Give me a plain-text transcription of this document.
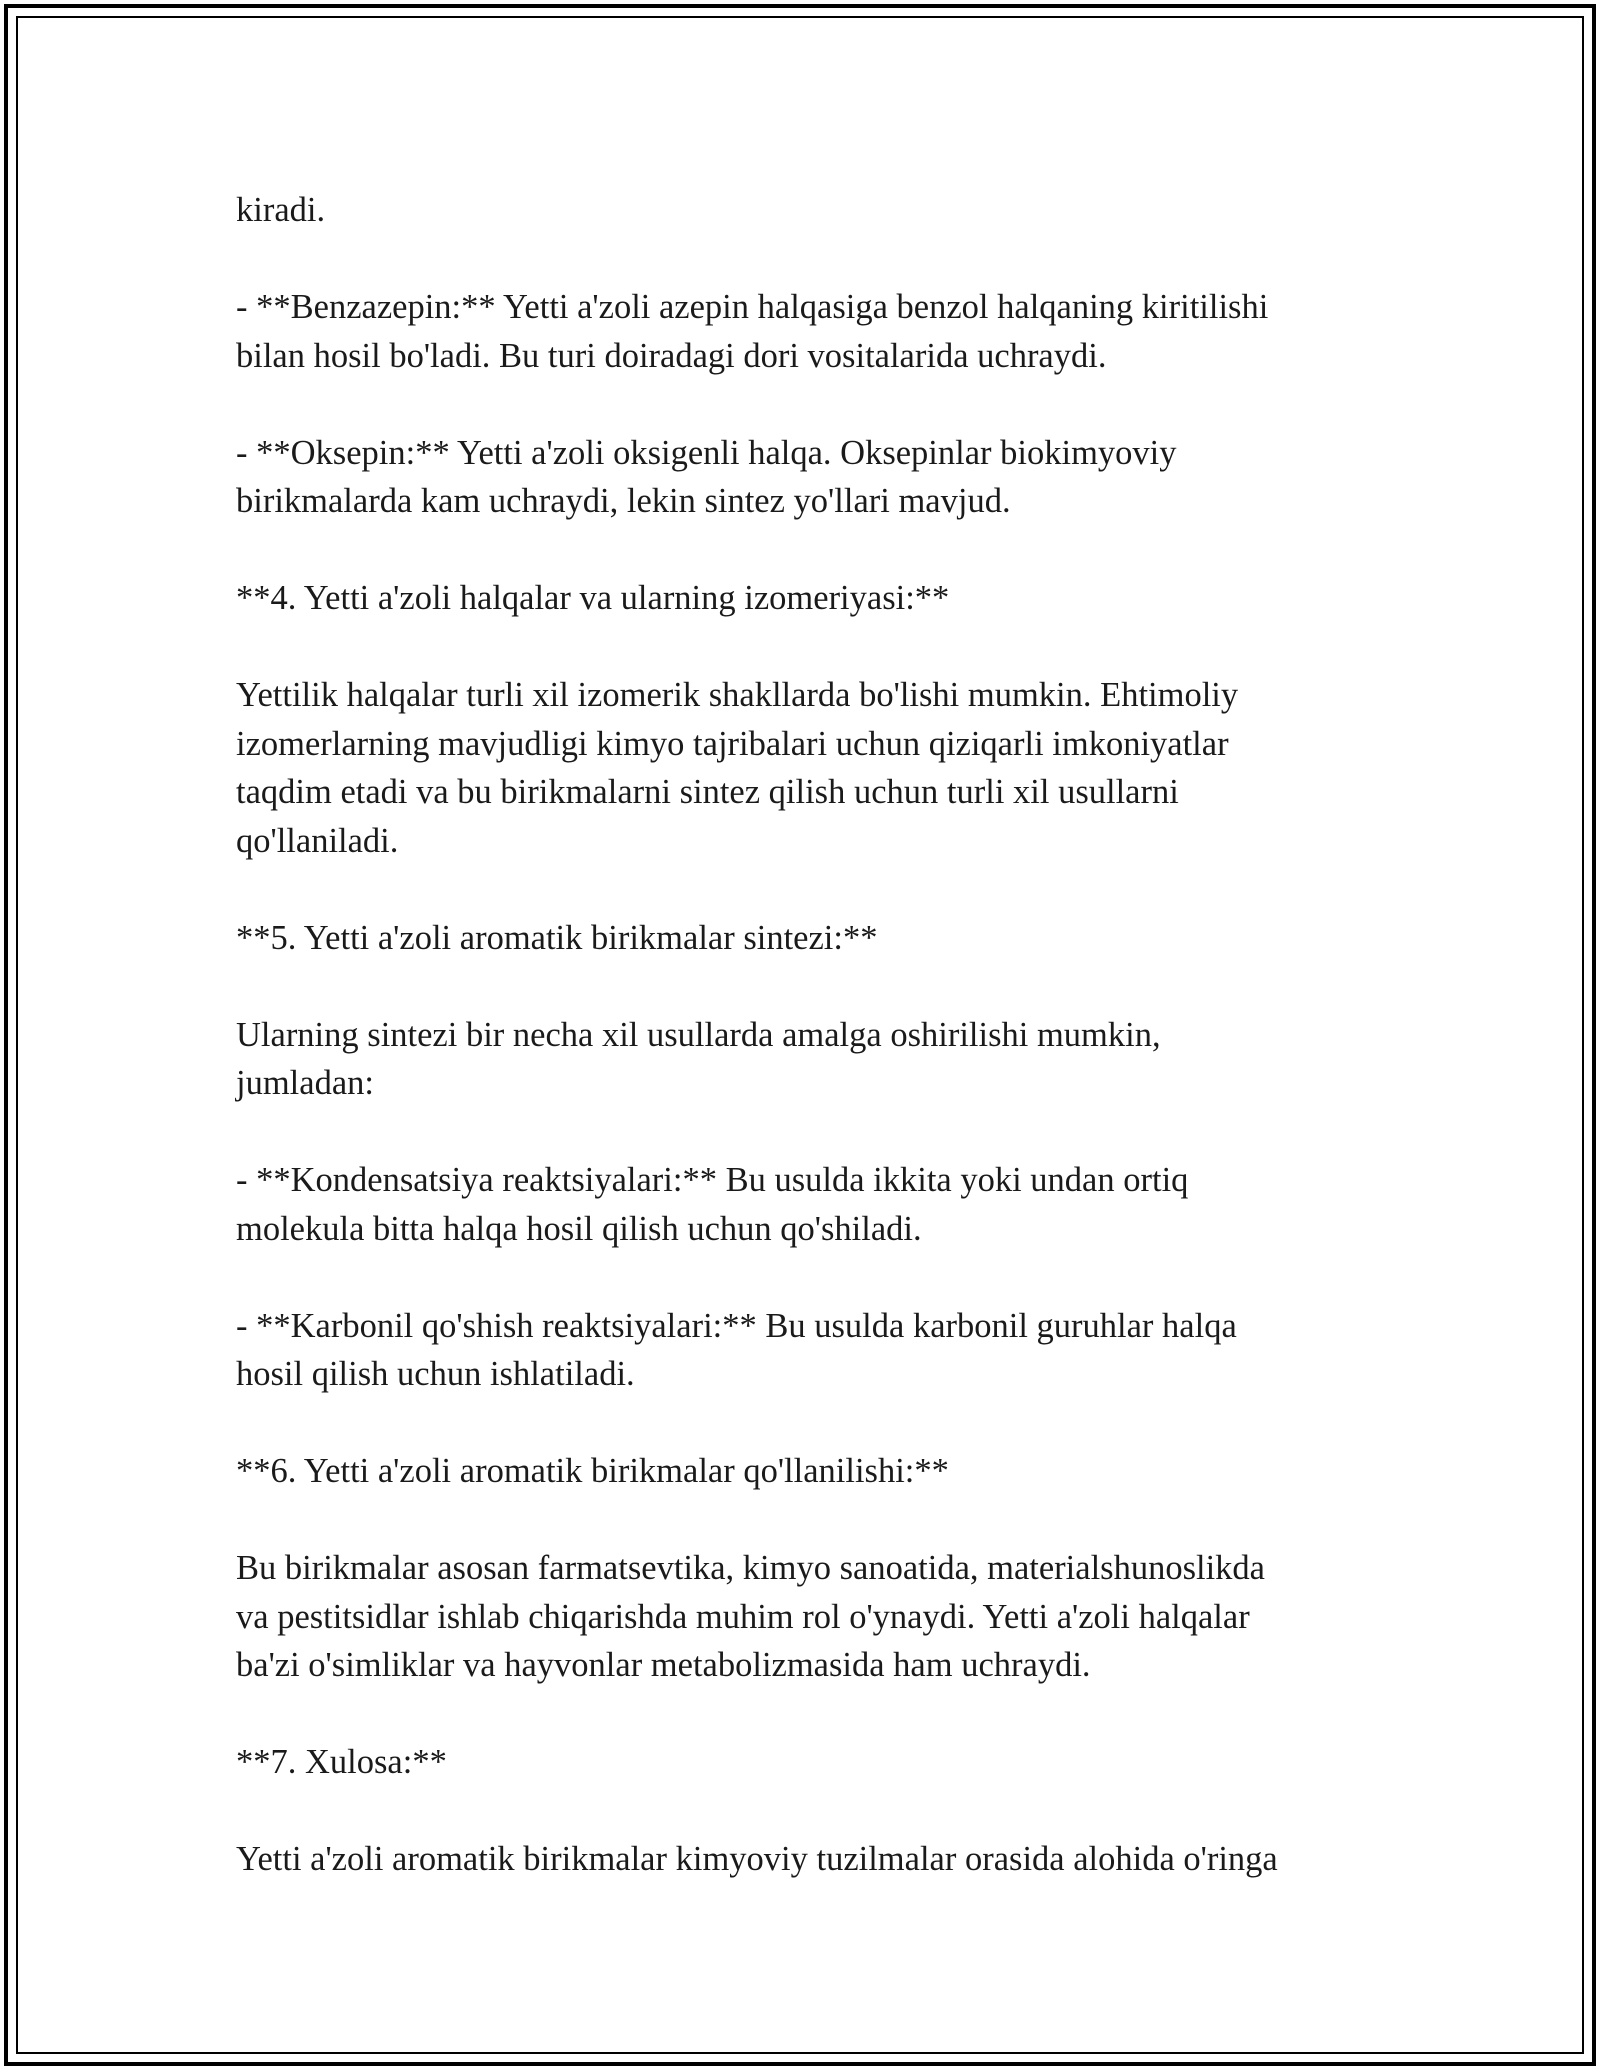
kiradi.

- **Benzazepin:** Yetti a'zoli azepin halqasiga benzol halqaning kiritilishi
bilan hosil bo'ladi. Bu turi doiradagi dori vositalarida uchraydi.

- **Oksepin:** Yetti a'zoli oksigenli halqa. Oksepinlar biokimyoviy
birikmalarda kam uchraydi, lekin sintez yo'llari mavjud.

**4. Yetti a'zoli halqalar va ularning izomeriyasi:**

Yettilik halqalar turli xil izomerik shakllarda bo'lishi mumkin. Ehtimoliy
izomerlarning mavjudligi kimyo tajribalari uchun qiziqarli imkoniyatlar
taqdim etadi va bu birikmalarni sintez qilish uchun turli xil usullarni
qo'llaniladi.

**5. Yetti a'zoli aromatik birikmalar sintezi:**

Ularning sintezi bir necha xil usullarda amalga oshirilishi mumkin,
jumladan:

- **Kondensatsiya reaktsiyalari:** Bu usulda ikkita yoki undan ortiq
molekula bitta halqa hosil qilish uchun qo'shiladi.

- **Karbonil qo'shish reaktsiyalari:** Bu usulda karbonil guruhlar halqa
hosil qilish uchun ishlatiladi.

**6. Yetti a'zoli aromatik birikmalar qo'llanilishi:**

Bu birikmalar asosan farmatsevtika, kimyo sanoatida, materialshunoslikda
va pestitsidlar ishlab chiqarishda muhim rol o'ynaydi. Yetti a'zoli halqalar
ba'zi o'simliklar va hayvonlar metabolizmasida ham uchraydi.

**7. Xulosa:**

Yetti a'zoli aromatik birikmalar kimyoviy tuzilmalar orasida alohida o'ringa
